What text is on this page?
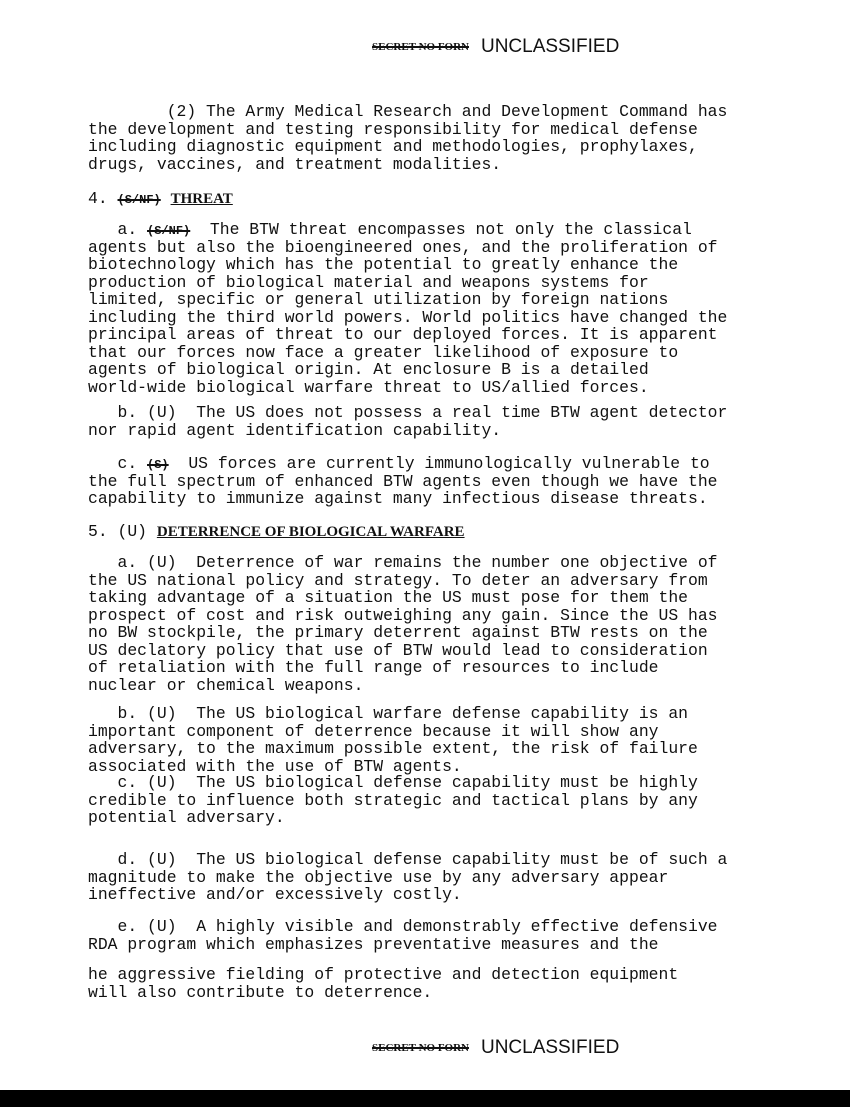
SECRET NO FORN UNCLASSIFIED
(2) The Army Medical Research and Development Command has
the development and testing responsibility for medical defense
including diagnostic equipment and methodologies, prophylaxes,
drugs, vaccines, and treatment modalities.
4. (S/NF) THREAT
a. (S/NF)  The BTW threat encompasses not only the classical
agents but also the bioengineered ones, and the proliferation of
biotechnology which has the potential to greatly enhance the
production of biological material and weapons systems for
limited, specific or general utilization by foreign nations
including the third world powers. World politics have changed the
principal areas of threat to our deployed forces. It is apparent
that our forces now face a greater likelihood of exposure to
agents of biological origin. At enclosure B is a detailed
world-wide biological warfare threat to US/allied forces.
b. (U)  The US does not possess a real time BTW agent detector
nor rapid agent identification capability.
c. (S)  US forces are currently immunologically vulnerable to
the full spectrum of enhanced BTW agents even though we have the
capability to immunize against many infectious disease threats.
5. (U) DETERRENCE OF BIOLOGICAL WARFARE
a. (U)  Deterrence of war remains the number one objective of
the US national policy and strategy. To deter an adversary from
taking advantage of a situation the US must pose for them the
prospect of cost and risk outweighing any gain. Since the US has
no BW stockpile, the primary deterrent against BTW rests on the
US declatory policy that use of BTW would lead to consideration
of retaliation with the full range of resources to include
nuclear or chemical weapons.
b. (U)  The US biological warfare defense capability is an
important component of deterrence because it will show any
adversary, to the maximum possible extent, the risk of failure
associated with the use of BTW agents.
c. (U)  The US biological defense capability must be highly
credible to influence both strategic and tactical plans by any
potential adversary.
d. (U)  The US biological defense capability must be of such a
magnitude to make the objective use by any adversary appear
ineffective and/or excessively costly.
e. (U)  A highly visible and demonstrably effective defensive
RDA program which emphasizes preventative measures and the
he aggressive fielding of protective and detection equipment
will also contribute to deterrence.
SECRET NO FORN UNCLASSIFIED
